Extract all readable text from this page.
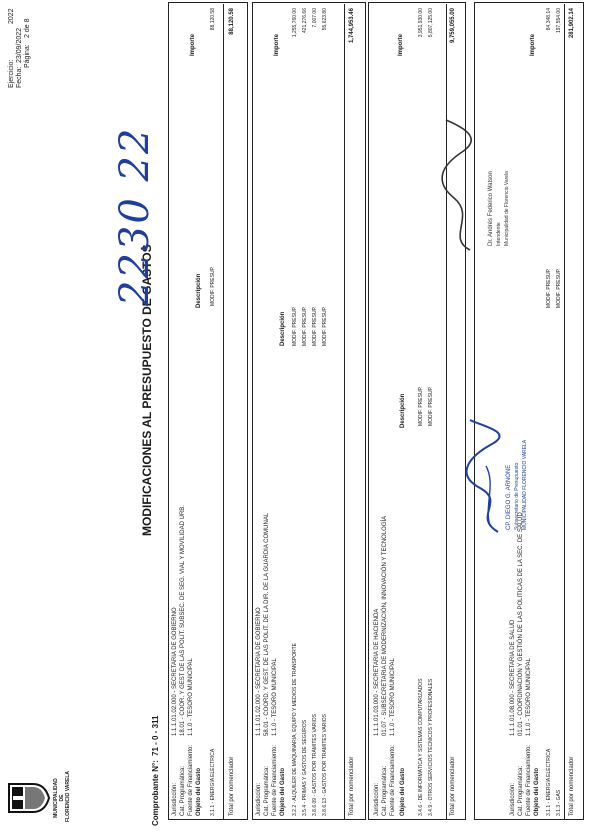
MUNICIPALIDAD DE FLORENCIO VARELA
MODIFICACIONES AL PRESUPUESTO DE GASTOS
Ejercicio:
2022
Fecha:
23/09/2022 Página:
2 de 8
Comprobante N°:
71 - 0 - 311
2230 22
Jurisdicción:
1.1.1.01.02.000 - SECRETARIA DE GOBIERNO
Cat. Programática:
18.01 - COOR. Y GEST DE LAS POLIT. SUBSEC. DE SEG. VIAL Y MOVILIDAD URB.
Fuente de Financiamiento:
1.1.0 - TESORO MUNICIPAL
Objeto del Gasto
Descripción
Importe
3.1.1 - ENERGÍA ELÉCTRICA
MODIF. PRESUP.
88,120.58
Total por nomenclador
88,120.58
Jurisdicción:
1.1.1.01.02.000 - SECRETARIA DE GOBIERNO
Cat. Programática:
58.01 - COORD. Y GEST. DE LAS POLIT. DE LA DIR. DE LA GUARDIA COMUNAL
Fuente de Financiamiento:
1.1.0 - TESORO MUNICIPAL
Objeto del Gasto
Descripción
Importe
3.2.2 - ALQUILER DE MAQUINARIA, EQUIPO Y MEDIOS DE TRANSPORTE
MODIF. PRESUP.
1,255,760.00
3.5.4 - PRIMAS Y GASTOS DE SEGUROS
MODIF. PRESUP.
421,276.66
3.8.6.09 - GASTOS POR TRÁMITES VARIOS
MODIF. PRESUP.
7,007.00
3.8.6.13 - GASTOS POR TRAMITES VARIOS
MODIF. PRESUP.
55,623.80
Total por nomenclador
1,744,953.46
Jurisdicción:
1.1.1.01.03.000 - SECRETARIA DE HACIENDA
Cat. Programática:
01.07 - SUBSECRETARIA DE MODERNIZACIÓN, INNOVACIÓN Y TECNOLOGÍA
Fuente de Financiamiento:
1.1.0 - TESORO MUNICIPAL
Objeto del Gasto
Descripción
Importe
3.4.6 - DE INFORMÁTICA Y SISTEMAS COMPUTARIZADOS
MODIF. PRESUP.
3,951,930.00
3.4.9 - OTROS SERVICIOS TÉCNICOS Y PROFESIONALES
MODIF. PRESUP.
5,807,125.00
Total por nomenclador
9,759,055.00
Jurisdicción:
1.1.1.01.08.000 - SECRETARIA DE SALUD
Cat. Programática:
01.01 - COORDINACIÓN Y GESTIÓN DE LAS POLITICAS DE LA SEC. DE SALUD
Fuente de Financiamiento:
1.1.0 - TESORO MUNICIPAL
Objeto del Gasto
Importe
3.1.1 - ENERGÍA ELÉCTRICA
MODIF. PRESUP.
84,348.14
3.1.3 - GAS
MODIF. PRESUP.
197,554.00
Total por nomenclador
281,902.14
CP. DIEGO G. ARNONE Subsecretario de Presupuesto MUNICIPALIDAD FLORENCIO VARELA
Dr. Andrés Federico Watson Intendente Municipalidad de Florencio Varela
